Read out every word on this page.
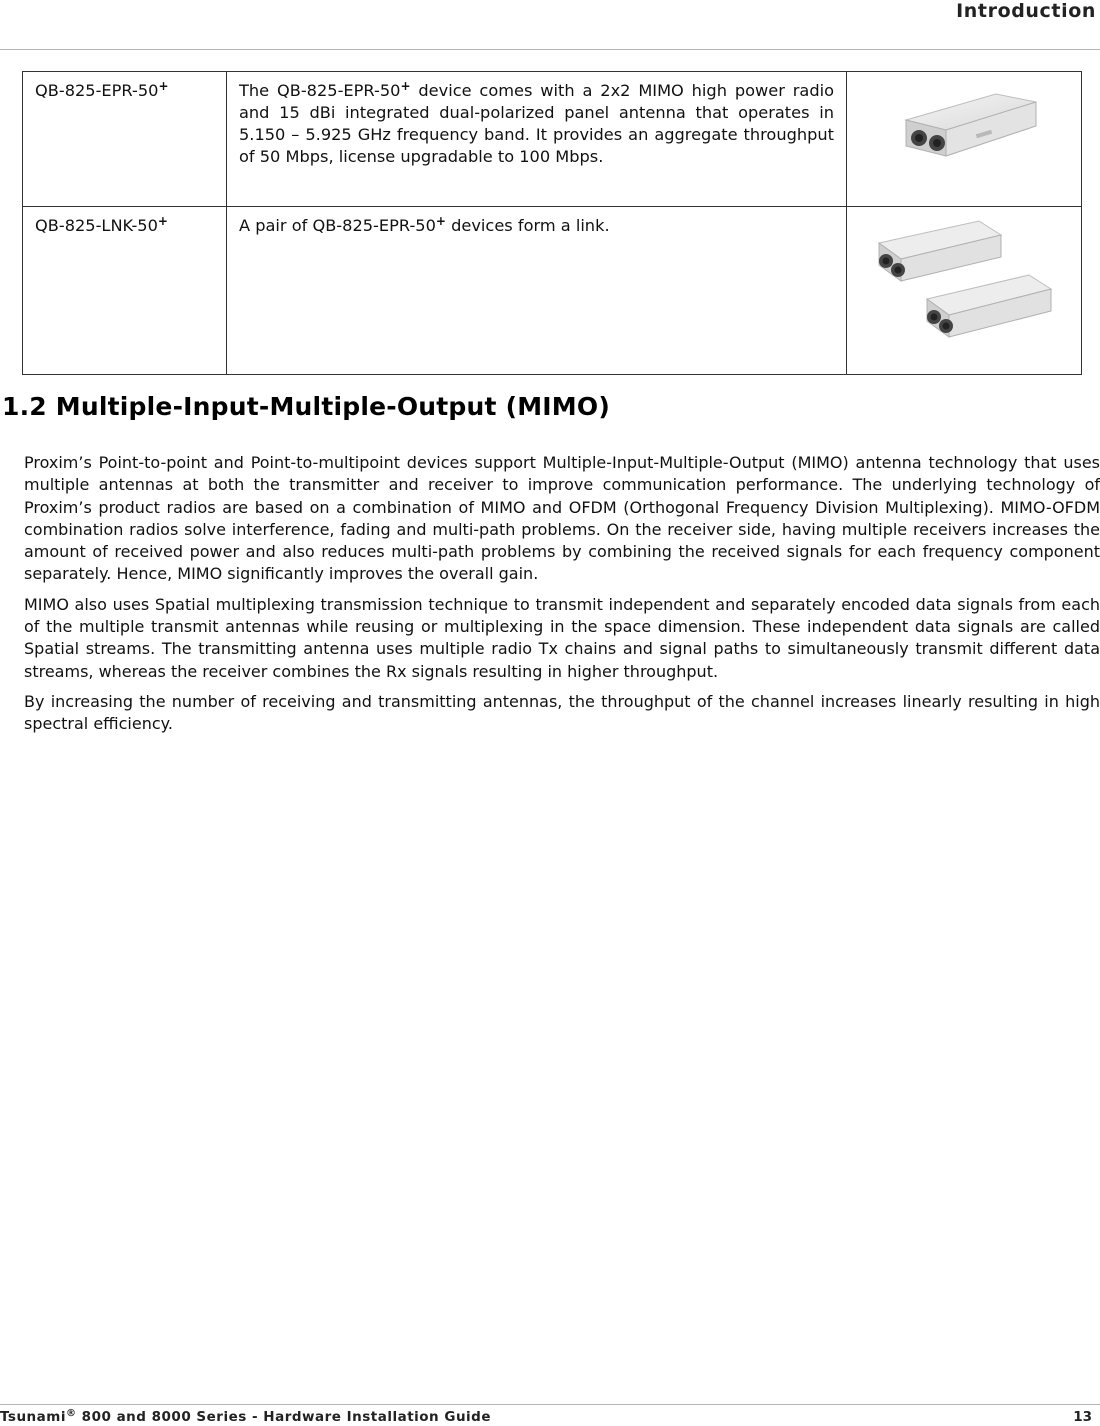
Introduction
QB-825-EPR-50+	The QB-825-EPR-50+ device comes with a 2x2 MIMO high power radio and 15 dBi integrated dual-polarized panel antenna that operates in 5.150 – 5.925 GHz frequency band. It provides an aggregate throughput of 50 Mbps, license upgradable to 100 Mbps.	
QB-825-LNK-50+	A pair of QB-825-EPR-50+ devices form a link.	
1.2 Multiple-Input-Multiple-Output (MIMO)

Proxim’s Point-to-point and Point-to-multipoint devices support Multiple-Input-Multiple-Output (MIMO) antenna technology that uses multiple antennas at both the transmitter and receiver to improve communication performance. The underlying technology of Proxim’s product radios are based on a combination of MIMO and OFDM (Orthogonal Frequency Division Multiplexing). MIMO-OFDM combination radios solve interference, fading and multi-path problems. On the receiver side, having multiple receivers increases the amount of received power and also reduces multi-path problems by combining the received signals for each frequency component separately. Hence, MIMO significantly improves the overall gain.

MIMO also uses Spatial multiplexing transmission technique to transmit independent and separately encoded data signals from each of the multiple transmit antennas while reusing or multiplexing in the space dimension. These independent data signals are called Spatial streams. The transmitting antenna uses multiple radio Tx chains and signal paths to simultaneously transmit different data streams, whereas the receiver combines the Rx signals resulting in higher throughput.

By increasing the number of receiving and transmitting antennas, the throughput of the channel increases linearly resulting in high spectral efficiency.

Tsunami® 800 and 8000 Series - Hardware Installation Guide	13
